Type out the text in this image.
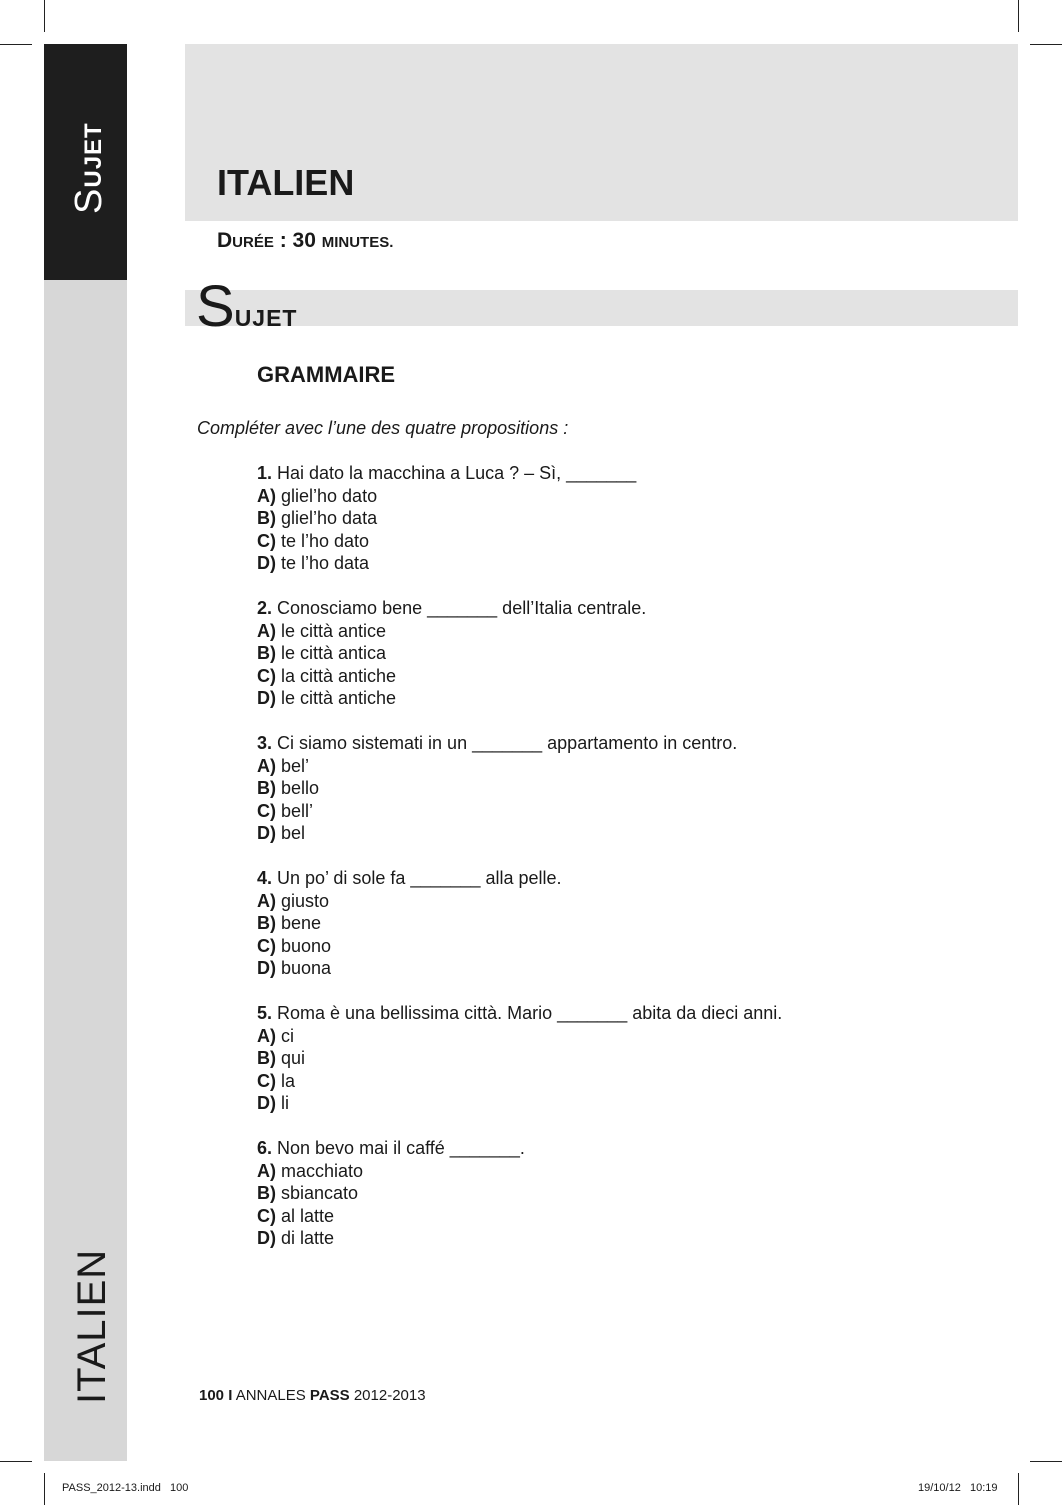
SUJET
ITALIEN
ITALIEN
DURÉE : 30 MINUTES.
SUJET
GRAMMAIRE
Compléter avec l’une des quatre propositions :
1. Hai dato la macchina a Luca ? – Sì, _______
A) gliel’ho dato
B) gliel’ho data
C) te l’ho dato
D) te l’ho data
2. Conosciamo bene _______ dell’Italia centrale.
A) le città antice
B) le città antica
C) la città antiche
D) le città antiche
3. Ci siamo sistemati in un _______ appartamento in centro.
A) bel’
B) bello
C) bell’
D) bel
4. Un po’ di sole fa _______ alla pelle.
A) giusto
B) bene
C) buono
D) buona
5. Roma è una bellissima città. Mario _______ abita da dieci anni.
A) ci
B) qui
C) la
D) li
6. Non bevo mai il caffé _______.
A) macchiato
B) sbiancato
C) al latte
D) di latte
100 I ANNALES PASS 2012-2013
PASS_2012-13.indd   100	19/10/12   10:19
